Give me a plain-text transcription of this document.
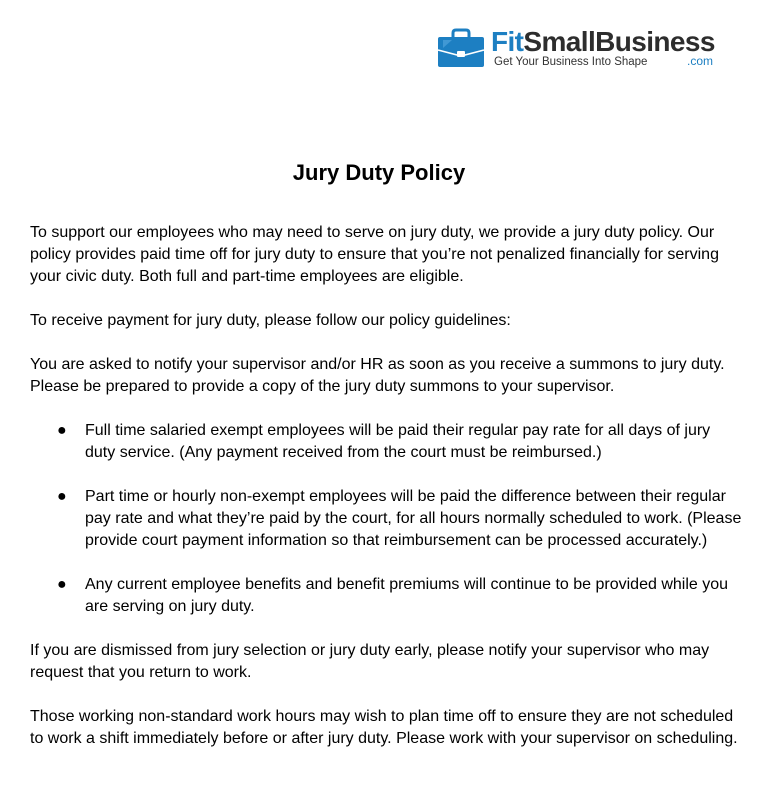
FitSmallBusiness
Get Your Business Into Shape	.com
Jury Duty Policy

To support our employees who may need to serve on jury duty, we provide a jury duty policy. Our policy provides paid time off for jury duty to ensure that you’re not penalized financially for serving your civic duty. Both full and part-time employees are eligible.

To receive payment for jury duty, please follow our policy guidelines:

You are asked to notify your supervisor and/or HR as soon as you receive a summons to jury duty. Please be prepared to provide a copy of the jury duty summons to your supervisor.

● Full time salaried exempt employees will be paid their regular pay rate for all days of jury duty service. (Any payment received from the court must be reimbursed.)
● Part time or hourly non-exempt employees will be paid the difference between their regular pay rate and what they’re paid by the court, for all hours normally scheduled to work. (Please provide court payment information so that reimbursement can be processed accurately.)
● Any current employee benefits and benefit premiums will continue to be provided while you are serving on jury duty.

If you are dismissed from jury selection or jury duty early, please notify your supervisor who may request that you return to work.

Those working non-standard work hours may wish to plan time off to ensure they are not scheduled to work a shift immediately before or after jury duty. Please work with your supervisor on scheduling.
